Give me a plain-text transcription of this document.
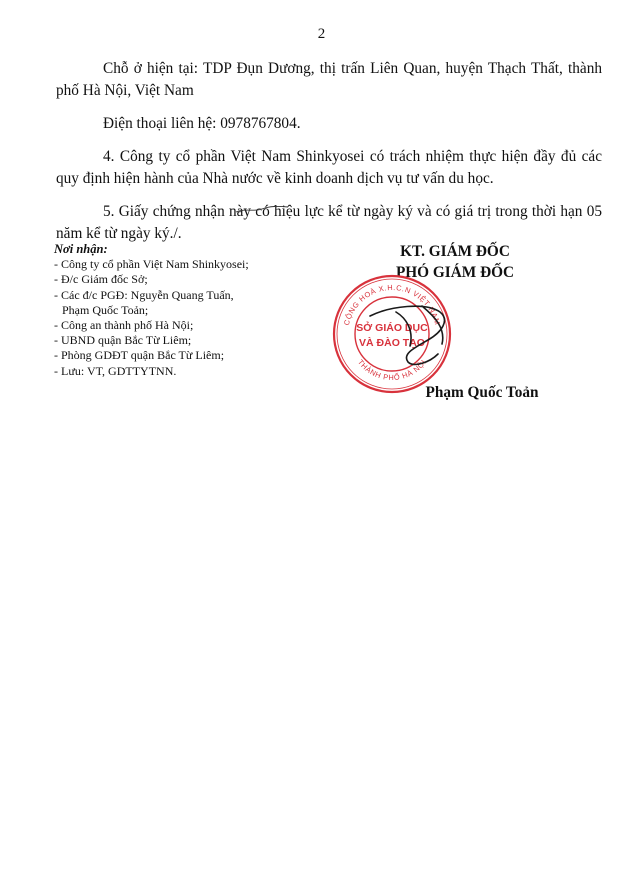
2

Chỗ ở hiện tại: TDP Đụn Dương, thị trấn Liên Quan, huyện Thạch Thất, thành phố Hà Nội, Việt Nam

Điện thoại liên hệ: 0978767804.

4. Công ty cổ phần Việt Nam Shinkyosei có trách nhiệm thực hiện đầy đủ các quy định hiện hành của Nhà nước về kinh doanh dịch vụ tư vấn du học.

5. Giấy chứng nhận này có hiệu lực kể từ ngày ký và có giá trị trong thời hạn 05 năm kể từ ngày ký./.

Nơi nhận:
- Công ty cổ phần Việt Nam Shinkyosei;
- Đ/c Giám đốc Sở;
- Các đ/c PGĐ: Nguyễn Quang Tuấn,
Phạm Quốc Toản;
- Công an thành phố Hà Nội;
- UBND quận Bắc Từ Liêm;
- Phòng GDĐT quận Bắc Từ Liêm;
- Lưu: VT, GDTTYTNN.
KT. GIÁM ĐỐC
PHÓ GIÁM ĐỐC
CỘNG HOÀ X.H.C.N VIỆT NAM
THÀNH PHỐ HÀ NỘI
SỞ GIÁO DỤC
VÀ ĐÀO TẠO
Phạm Quốc Toản
